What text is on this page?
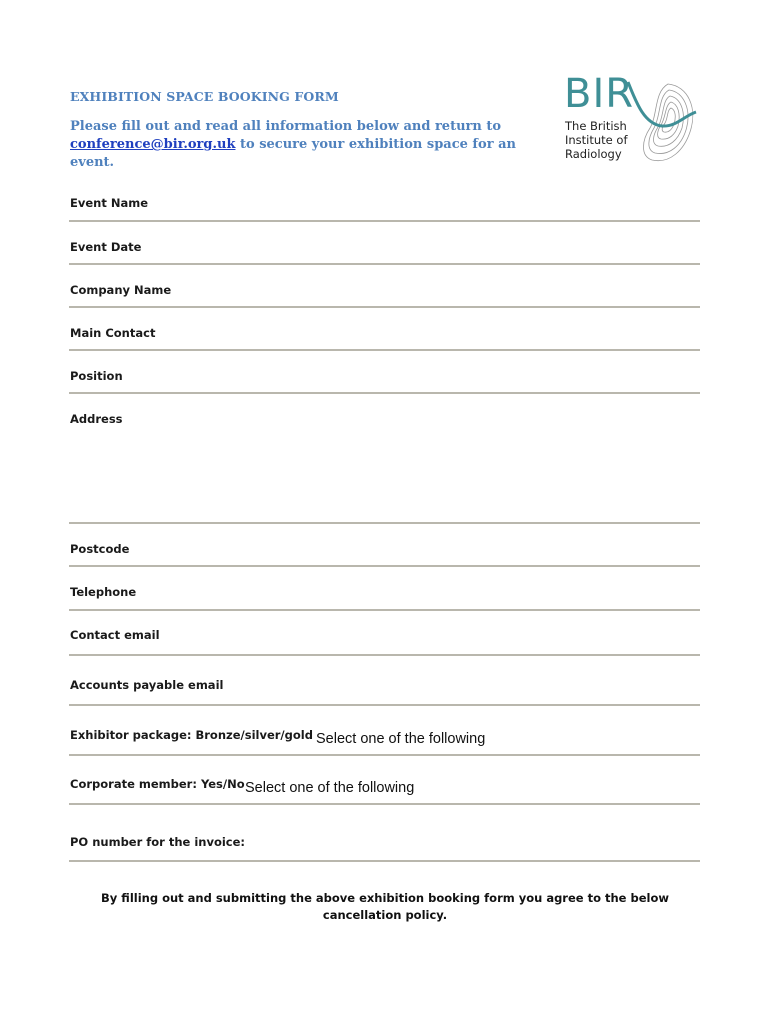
EXHIBITION SPACE BOOKING FORM
Please fill out and read all information below and return to conference@bir.org.uk to secure your exhibition space for an event.
BIR
The British
Institute of
Radiology
Event Name
Event Date
Company Name
Main Contact
Position
Address
Postcode
Telephone
Contact email
Accounts payable email
Exhibitor package: Bronze/silver/gold Select one of the following
Corporate member: Yes/No Select one of the following
PO number for the invoice:
By filling out and submitting the above exhibition booking form you agree to the below cancellation policy.
